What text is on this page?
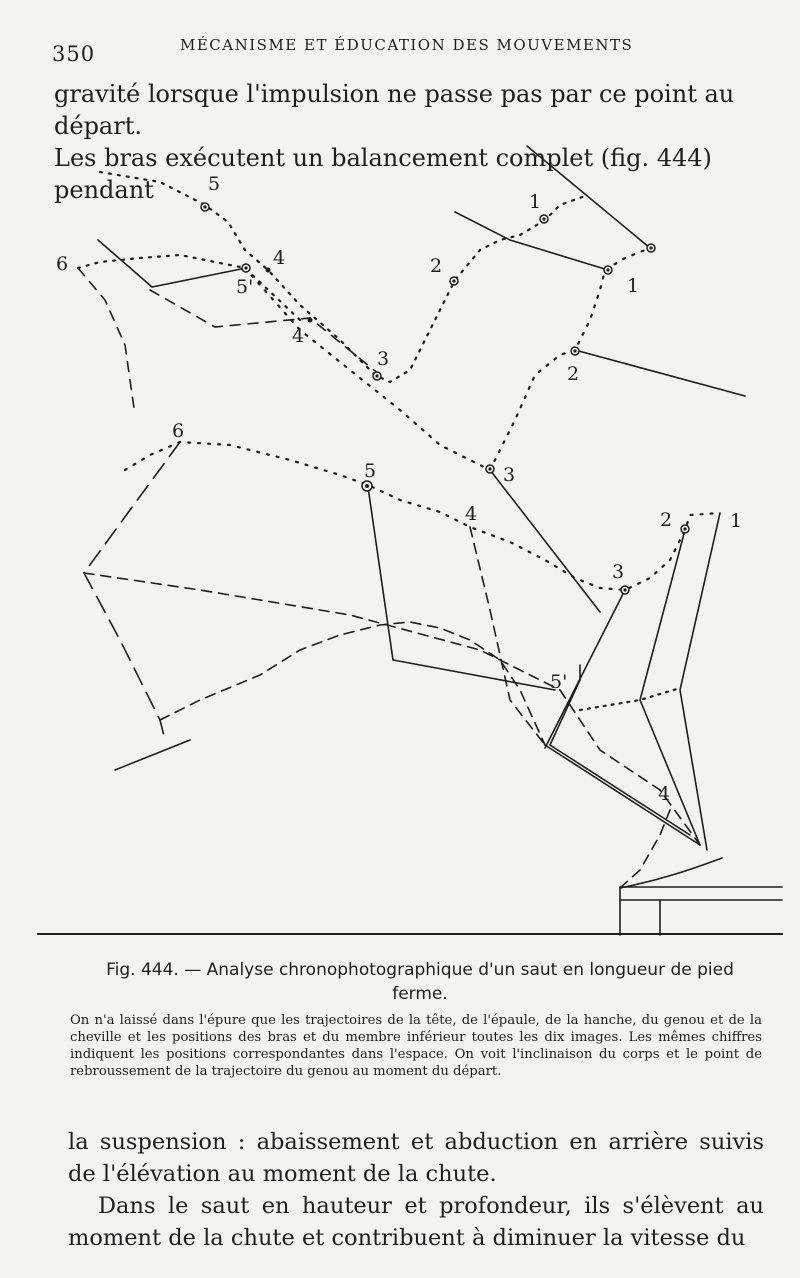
350	MÉCANISME ET ÉDUCATION DES MOUVEMENTS

gravité lorsque l'impulsion ne passe pas par ce point au départ.

Les bras exécutent un balancement complet (fig. 444) pendant	1
1
2
2
3
4
4
5
5'
6
6
5
4
3
2	1
3
5'
4
Fig. 444. — Analyse chronophotographique d'un saut en longueur de pied ferme.
On n'a laissé dans l'épure que les trajectoires de la tête, de l'épaule, de la hanche, du genou et de la cheville et les positions des bras et du membre inférieur toutes les dix images. Les mêmes chiffres indiquent les positions correspondantes dans l'espace. On voit l'inclinaison du corps et le point de rebroussement de la trajectoire du genou au moment du départ.

la suspension : abaissement et abduction en arrière suivis de l'élévation au moment de la chute.

Dans le saut en hauteur et profondeur, ils s'élèvent au moment de la chute et contribuent à diminuer la vitesse du
